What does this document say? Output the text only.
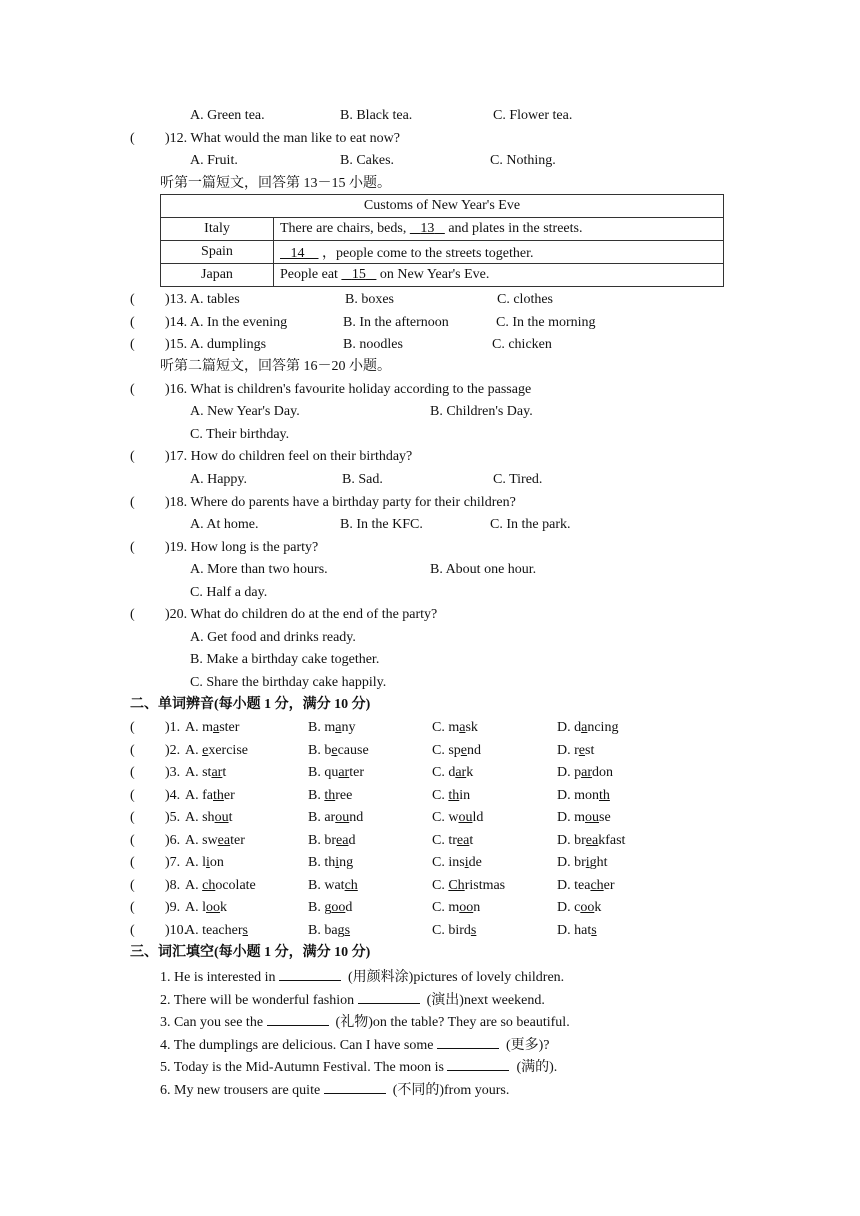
A. Green tea.	B. Black tea.	C. Flower tea.
( )12. What would the man like to eat now?
A. Fruit.	B. Cakes.	C. Nothing.
听第一篇短文，回答第 13－15 小题。
Customs of New Year's Eve	
Italy	There are chairs, beds,    13    and plates in the streets.
Spain	14     ，people come to the streets together.
Japan	People eat    15    on New Year's Eve.
( )13. A. tables	B. boxes	C. clothes
( )14. A. In the evening	B. In the afternoon	C. In the morning
( )15. A. dumplings	B. noodles	C. chicken
听第二篇短文，回答第 16－20 小题。
( )16. What is children's favourite holiday according to the passage
A. New Year's Day.	B. Children's Day.
C. Their birthday.
( )17. How do children feel on their birthday?
A. Happy.	B. Sad.	C. Tired.
( )18. Where do parents have a birthday party for their children?
A. At home.	B. In the KFC.	C. In the park.
( )19. How long is the party?
A. More than two hours.	B. About one hour.
C. Half a day.
( )20. What do children do at the end of the party?
A. Get food and drinks ready.
B. Make a birthday cake together.
C. Share the birthday cake happily.
二、单词辨音(每小题 1 分，满分 10 分)
( )1. A. master	B. many	C. mask	D. dancing
( )2. A. exercise	B. because	C. spend	D. rest
( )3. A. start	B. quarter	C. dark	D. pardon
( )4. A. father	B. three	C. thin	D. month
( )5. A. shout	B. around	C. would	D. mouse
( )6. A. sweater	B. bread	C. treat	D. breakfast
( )7. A. lion	B. thing	C. inside	D. bright
( )8. A. chocolate	B. watch	C. Christmas	D. teacher
( )9. A. look	B. good	C. moon	D. cook
( )10.
A. teachers	B. bags	C. birds	D. hats
三、词汇填空(每小题 1 分，满分 10 分)
1. He is interested in	(用颜料涂)pictures of lovely children.
2. There will be wonderful fashion	(演出)next weekend.
3. Can you see the	(礼物)on the table? They are so beautiful.
4. The dumplings are delicious. Can I have some	(更多)?
5. Today is the Mid-Autumn Festival. The moon is	(满的).
6. My new trousers are quite	(不同的)from yours.
